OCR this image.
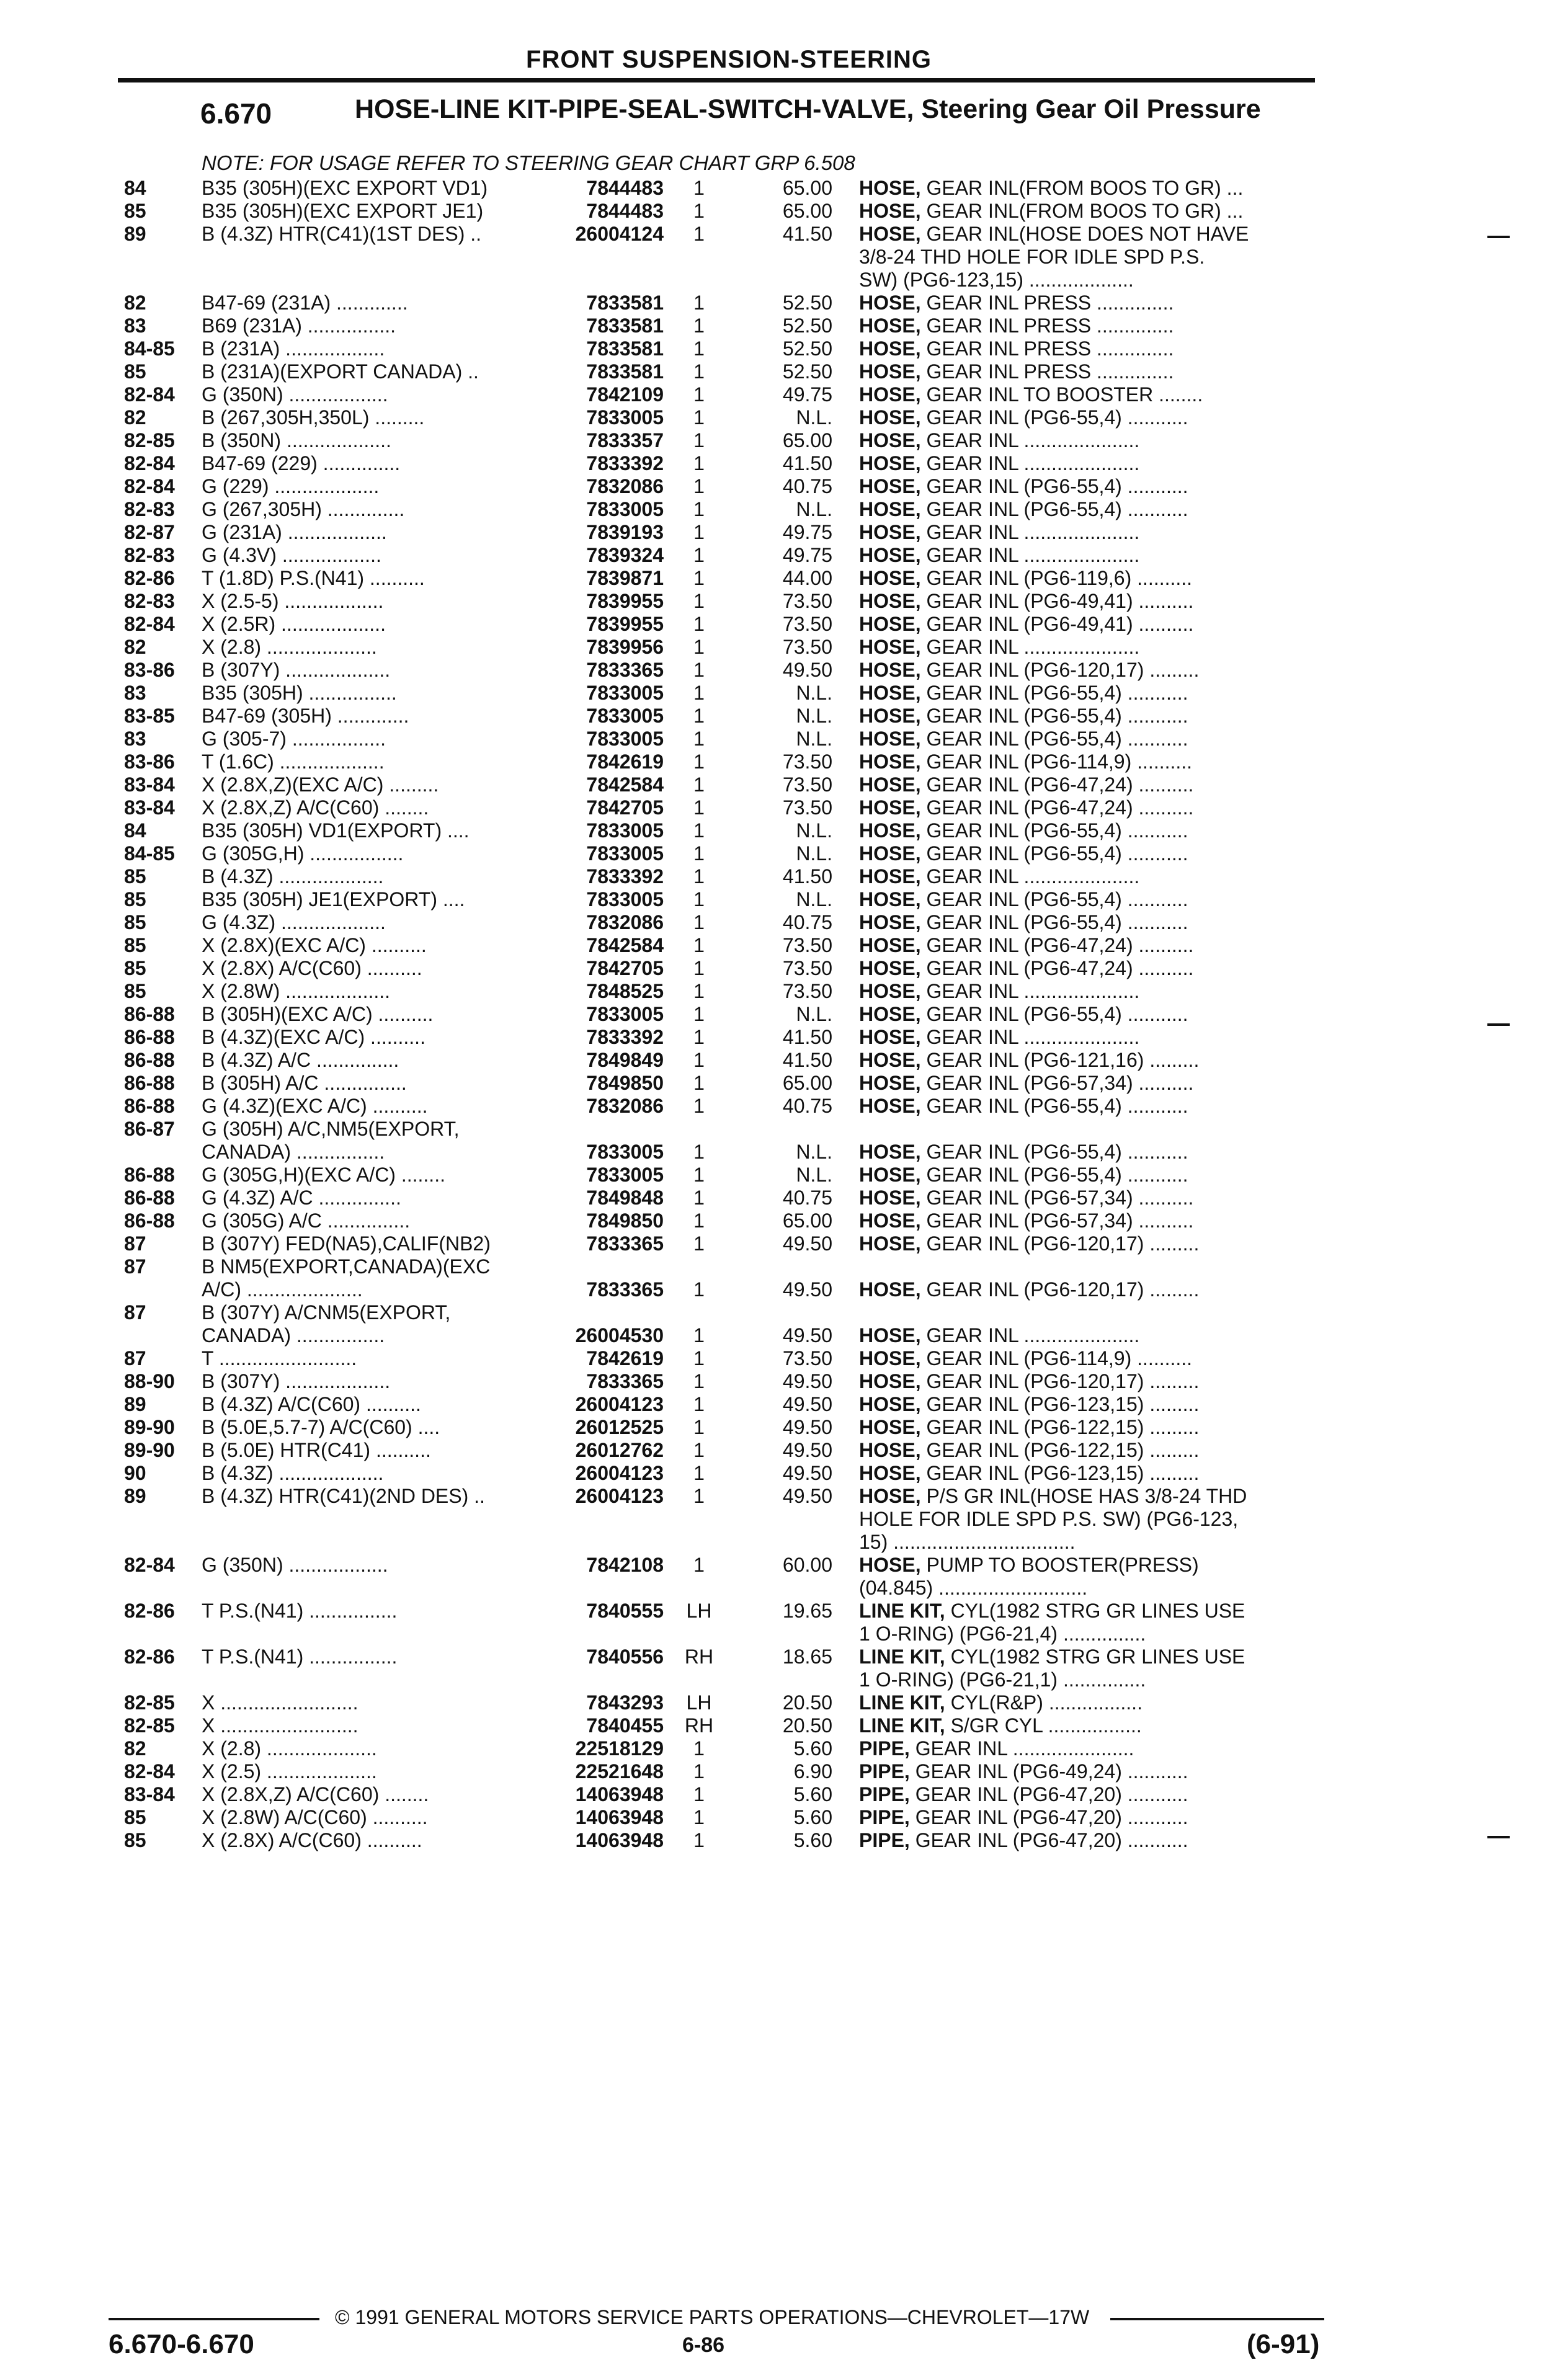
FRONT SUSPENSION-STEERING
6.670	HOSE-LINE KIT-PIPE-SEAL-SWITCH-VALVE, Steering Gear Oil Pressure
NOTE: FOR USAGE REFER TO STEERING GEAR CHART GRP 6.508
84	B35 (305H)(EXC EXPORT VD1)	7844483	1	65.00 HOSE, GEAR INL(FROM BOOS TO GR) ...
85	B35 (305H)(EXC EXPORT JE1)	7844483	1	65.00 HOSE, GEAR INL(FROM BOOS TO GR) ...
89	B (4.3Z) HTR(C41)(1ST DES) ..	26004124	1	41.50 HOSE, GEAR INL(HOSE DOES NOT HAVE
3/8-24 THD HOLE FOR IDLE SPD P.S.
SW) (PG6-123,15) ...................
82	B47-69 (231A) .............	7833581	1	52.50 HOSE, GEAR INL PRESS ..............
83	B69 (231A) ................	7833581	1	52.50 HOSE, GEAR INL PRESS ..............
84-85	B (231A) ..................	7833581	1	52.50 HOSE, GEAR INL PRESS ..............
85	B (231A)(EXPORT CANADA) ..	7833581	1	52.50 HOSE, GEAR INL PRESS ..............
82-84	G (350N) ..................	7842109	1	49.75 HOSE, GEAR INL TO BOOSTER ........
82	B (267,305H,350L) .........	7833005	1	N.L. HOSE, GEAR INL (PG6-55,4) ...........
82-85	B (350N) ...................	7833357	1	65.00 HOSE, GEAR INL .....................
82-84	B47-69 (229) ..............	7833392	1	41.50 HOSE, GEAR INL .....................
82-84	G (229) ...................	7832086	1	40.75 HOSE, GEAR INL (PG6-55,4) ...........
82-83	G (267,305H) ..............	7833005	1	N.L. HOSE, GEAR INL (PG6-55,4) ...........
82-87	G (231A) ..................	7839193	1	49.75 HOSE, GEAR INL .....................
82-83	G (4.3V) ..................	7839324	1	49.75 HOSE, GEAR INL .....................
82-86	T (1.8D) P.S.(N41) ..........	7839871	1	44.00 HOSE, GEAR INL (PG6-119,6) ..........
82-83	X (2.5-5) ..................	7839955	1	73.50 HOSE, GEAR INL (PG6-49,41) ..........
82-84	X (2.5R) ...................	7839955	1	73.50 HOSE, GEAR INL (PG6-49,41) ..........
82	X (2.8) ....................	7839956	1	73.50 HOSE, GEAR INL .....................
83-86	B (307Y) ...................	7833365	1	49.50 HOSE, GEAR INL (PG6-120,17) .........
83	B35 (305H) ................	7833005	1	N.L. HOSE, GEAR INL (PG6-55,4) ...........
83-85	B47-69 (305H) .............	7833005	1	N.L. HOSE, GEAR INL (PG6-55,4) ...........
83	G (305-7) .................	7833005	1	N.L. HOSE, GEAR INL (PG6-55,4) ...........
83-86	T (1.6C) ...................	7842619	1	73.50 HOSE, GEAR INL (PG6-114,9) ..........
83-84	X (2.8X,Z)(EXC A/C) .........	7842584	1	73.50 HOSE, GEAR INL (PG6-47,24) ..........
83-84	X (2.8X,Z) A/C(C60) ........	7842705	1	73.50 HOSE, GEAR INL (PG6-47,24) ..........
84	B35 (305H) VD1(EXPORT) ....	7833005	1	N.L. HOSE, GEAR INL (PG6-55,4) ...........
84-85	G (305G,H) .................	7833005	1	N.L. HOSE, GEAR INL (PG6-55,4) ...........
85	B (4.3Z) ...................	7833392	1	41.50 HOSE, GEAR INL .....................
85	B35 (305H) JE1(EXPORT) ....	7833005	1	N.L. HOSE, GEAR INL (PG6-55,4) ...........
85	G (4.3Z) ...................	7832086	1	40.75 HOSE, GEAR INL (PG6-55,4) ...........
85	X (2.8X)(EXC A/C) ..........	7842584	1	73.50 HOSE, GEAR INL (PG6-47,24) ..........
85	X (2.8X) A/C(C60) ..........	7842705	1	73.50 HOSE, GEAR INL (PG6-47,24) ..........
85	X (2.8W) ...................	7848525	1	73.50 HOSE, GEAR INL .....................
86-88	B (305H)(EXC A/C) ..........	7833005	1	N.L. HOSE, GEAR INL (PG6-55,4) ...........
86-88	B (4.3Z)(EXC A/C) ..........	7833392	1	41.50 HOSE, GEAR INL .....................
86-88	B (4.3Z) A/C ...............	7849849	1	41.50 HOSE, GEAR INL (PG6-121,16) .........
86-88	B (305H) A/C ...............	7849850	1	65.00 HOSE, GEAR INL (PG6-57,34) ..........
86-88	G (4.3Z)(EXC A/C) ..........	7832086	1	40.75 HOSE, GEAR INL (PG6-55,4) ...........
86-87	G (305H) A/C,NM5(EXPORT,
CANADA) ................	7833005	1	N.L. HOSE, GEAR INL (PG6-55,4) ...........
86-88	G (305G,H)(EXC A/C) ........	7833005	1	N.L. HOSE, GEAR INL (PG6-55,4) ...........
86-88	G (4.3Z) A/C ...............	7849848	1	40.75 HOSE, GEAR INL (PG6-57,34) ..........
86-88	G (305G) A/C ...............	7849850	1	65.00 HOSE, GEAR INL (PG6-57,34) ..........
87	B (307Y) FED(NA5),CALIF(NB2)	7833365	1	49.50 HOSE, GEAR INL (PG6-120,17) .........
87	B NM5(EXPORT,CANADA)(EXC
A/C) .....................	7833365	1	49.50 HOSE, GEAR INL (PG6-120,17) .........
87	B (307Y) A/CNM5(EXPORT,
CANADA) ................	26004530	1	49.50 HOSE, GEAR INL .....................
87	T .........................	7842619	1	73.50 HOSE, GEAR INL (PG6-114,9) ..........
88-90	B (307Y) ...................	7833365	1	49.50 HOSE, GEAR INL (PG6-120,17) .........
89	B (4.3Z) A/C(C60) ..........	26004123	1	49.50 HOSE, GEAR INL (PG6-123,15) .........
89-90	B (5.0E,5.7-7) A/C(C60) ....	26012525	1	49.50 HOSE, GEAR INL (PG6-122,15) .........
89-90	B (5.0E) HTR(C41) ..........	26012762	1	49.50 HOSE, GEAR INL (PG6-122,15) .........
90	B (4.3Z) ...................	26004123	1	49.50 HOSE, GEAR INL (PG6-123,15) .........
89	B (4.3Z) HTR(C41)(2ND DES) ..	26004123	1	49.50 HOSE, P/S GR INL(HOSE HAS 3/8-24 THD
HOLE FOR IDLE SPD P.S. SW) (PG6-123,
15) .................................
82-84	G (350N) ..................	7842108	1	60.00 HOSE, PUMP TO BOOSTER(PRESS)
(04.845) ...........................
82-86	T P.S.(N41) ................	7840555	LH	19.65 LINE KIT, CYL(1982 STRG GR LINES USE
1 O-RING) (PG6-21,4) ...............
82-86	T P.S.(N41) ................	7840556	RH	18.65 LINE KIT, CYL(1982 STRG GR LINES USE
1 O-RING) (PG6-21,1) ...............
82-85	X .........................	7843293	LH	20.50 LINE KIT, CYL(R&P) .................
82-85	X .........................	7840455	RH	20.50 LINE KIT, S/GR CYL .................
82	X (2.8) ....................	22518129	1	5.60 PIPE, GEAR INL ......................
82-84	X (2.5) ....................	22521648	1	6.90 PIPE, GEAR INL (PG6-49,24) ...........
83-84	X (2.8X,Z) A/C(C60) ........	14063948	1	5.60 PIPE, GEAR INL (PG6-47,20) ...........
85	X (2.8W) A/C(C60) ..........	14063948	1	5.60 PIPE, GEAR INL (PG6-47,20) ...........
85	X (2.8X) A/C(C60) ..........	14063948	1	5.60 PIPE, GEAR INL (PG6-47,20) ...........
© 1991 GENERAL MOTORS SERVICE PARTS OPERATIONS—CHEVROLET—17W
6.670-6.670	6-86	(6-91)
